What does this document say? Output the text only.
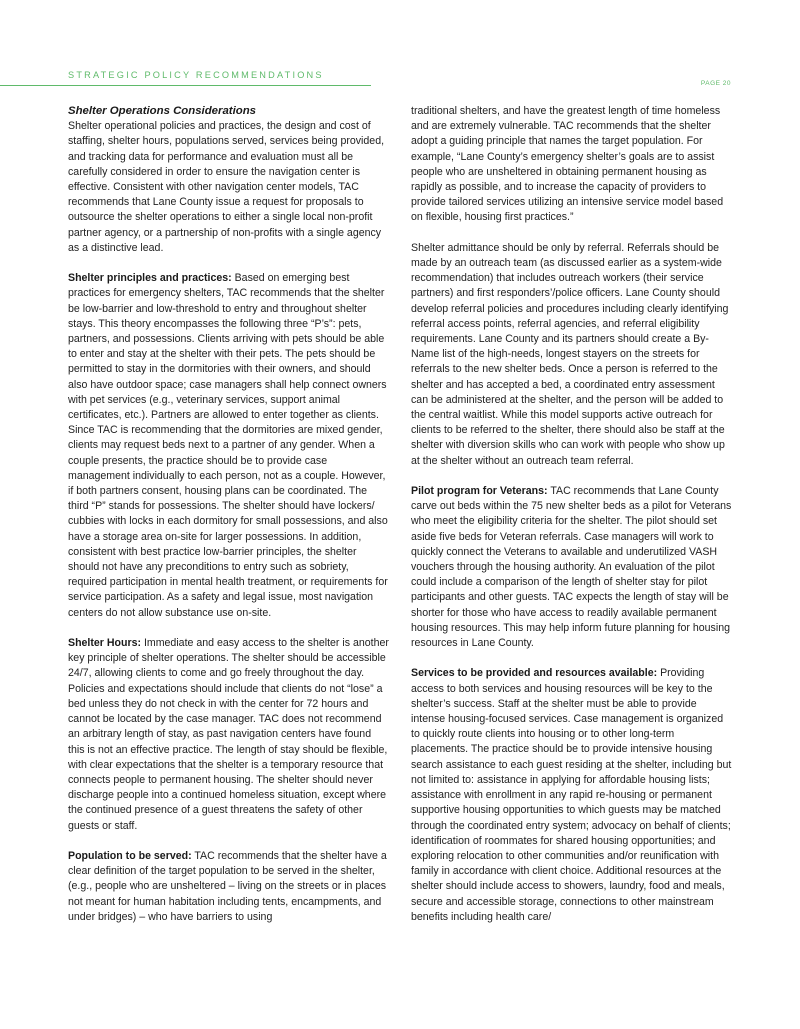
STRATEGIC POLICY RECOMMENDATIONS
PAGE 20
Shelter Operations Considerations

Shelter operational policies and practices, the design and cost of staffing, shelter hours, populations served, services being provided, and tracking data for performance and evaluation must all be carefully considered in order to ensure the navigation center is effective. Consistent with other navigation center models, TAC recommends that Lane County issue a request for proposals to outsource the shelter operations to either a single local non-profit partner agency, or a partnership of non-profits with a single agency as a distinctive lead.

Shelter principles and practices: Based on emerging best practices for emergency shelters, TAC recommends that the shelter be low-barrier and low-threshold to entry and throughout shelter stays. This theory encompasses the following three “P’s”: pets, partners, and possessions. Clients arriving with pets should be able to enter and stay at the shelter with their pets. The pets should be permitted to stay in the dormitories with their owners, and should also have outdoor space; case managers shall help connect owners with pet services (e.g., veterinary services, support animal certificates, etc.). Partners are allowed to enter together as clients. Since TAC is recommending that the dormitories are mixed gender, clients may request beds next to a partner of any gender. When a couple presents, the practice should be to provide case management individually to each person, not as a couple. However, if both partners consent, housing plans can be coordinated. The third “P” stands for possessions. The shelter should have lockers/ cubbies with locks in each dormitory for small possessions, and also have a storage area on-site for larger possessions. In addition, consistent with best practice low-barrier principles, the shelter should not have any preconditions to entry such as sobriety, required participation in mental health treatment, or requirements for service participation. As a safety and legal issue, most navigation centers do not allow substance use on-site.

Shelter Hours: Immediate and easy access to the shelter is another key principle of shelter operations. The shelter should be accessible 24/7, allowing clients to come and go freely throughout the day. Policies and expectations should include that clients do not “lose” a bed unless they do not check in with the center for 72 hours and cannot be located by the case manager. TAC does not recommend an arbitrary length of stay, as past navigation centers have found this is not an effective practice. The length of stay should be flexible, with clear expectations that the shelter is a temporary resource that connects people to permanent housing. The shelter should never discharge people into a continued homeless situation, except where the continued presence of a guest threatens the safety of other guests or staff.

Population to be served: TAC recommends that the shelter have a clear definition of the target population to be served in the shelter, (e.g., people who are unsheltered – living on the streets or in places not meant for human habitation including tents, encampments, and under bridges) – who have barriers to using

traditional shelters, and have the greatest length of time homeless and are extremely vulnerable. TAC recommends that the shelter adopt a guiding principle that names the target population. For example, “Lane County’s emergency shelter’s goals are to assist people who are unsheltered in obtaining permanent housing as rapidly as possible, and to increase the capacity of providers to provide tailored services utilizing an intensive service model based on flexible, housing first practices.”

Shelter admittance should be only by referral. Referrals should be made by an outreach team (as discussed earlier as a system-wide recommendation) that includes outreach workers (their service partners) and first responders’/police officers. Lane County should develop referral policies and procedures including clearly identifying referral access points, referral agencies, and referral eligibility requirements. Lane County and its partners should create a By-Name list of the high-needs, longest stayers on the streets for referrals to the new shelter beds. Once a person is referred to the shelter and has accepted a bed, a coordinated entry assessment can be administered at the shelter, and the person will be added to the central waitlist. While this model supports active outreach for clients to be referred to the shelter, there should also be staff at the shelter with diversion skills who can work with people who show up at the shelter without an outreach team referral.

Pilot program for Veterans: TAC recommends that Lane County carve out beds within the 75 new shelter beds as a pilot for Veterans who meet the eligibility criteria for the shelter. The pilot should set aside five beds for Veteran referrals. Case managers will work to quickly connect the Veterans to available and underutilized VASH vouchers through the housing authority. An evaluation of the pilot could include a comparison of the length of shelter stay for pilot participants and other guests. TAC expects the length of stay will be shorter for those who have access to readily available permanent housing resources. This may help inform future planning for housing resources in Lane County.

Services to be provided and resources available: Providing access to both services and housing resources will be key to the shelter’s success. Staff at the shelter must be able to provide intense housing-focused services. Case management is organized to quickly route clients into housing or to other long-term placements. The practice should be to provide intensive housing search assistance to each guest residing at the shelter, including but not limited to: assistance in applying for affordable housing lists; assistance with enrollment in any rapid re-housing or permanent supportive housing opportunities to which guests may be matched through the coordinated entry system; advocacy on behalf of clients; identification of roommates for shared housing opportunities; and exploring relocation to other communities and/or reunification with family in accordance with client choice. Additional resources at the shelter should include access to showers, laundry, food and meals, secure and accessible storage, connections to other mainstream benefits including health care/
